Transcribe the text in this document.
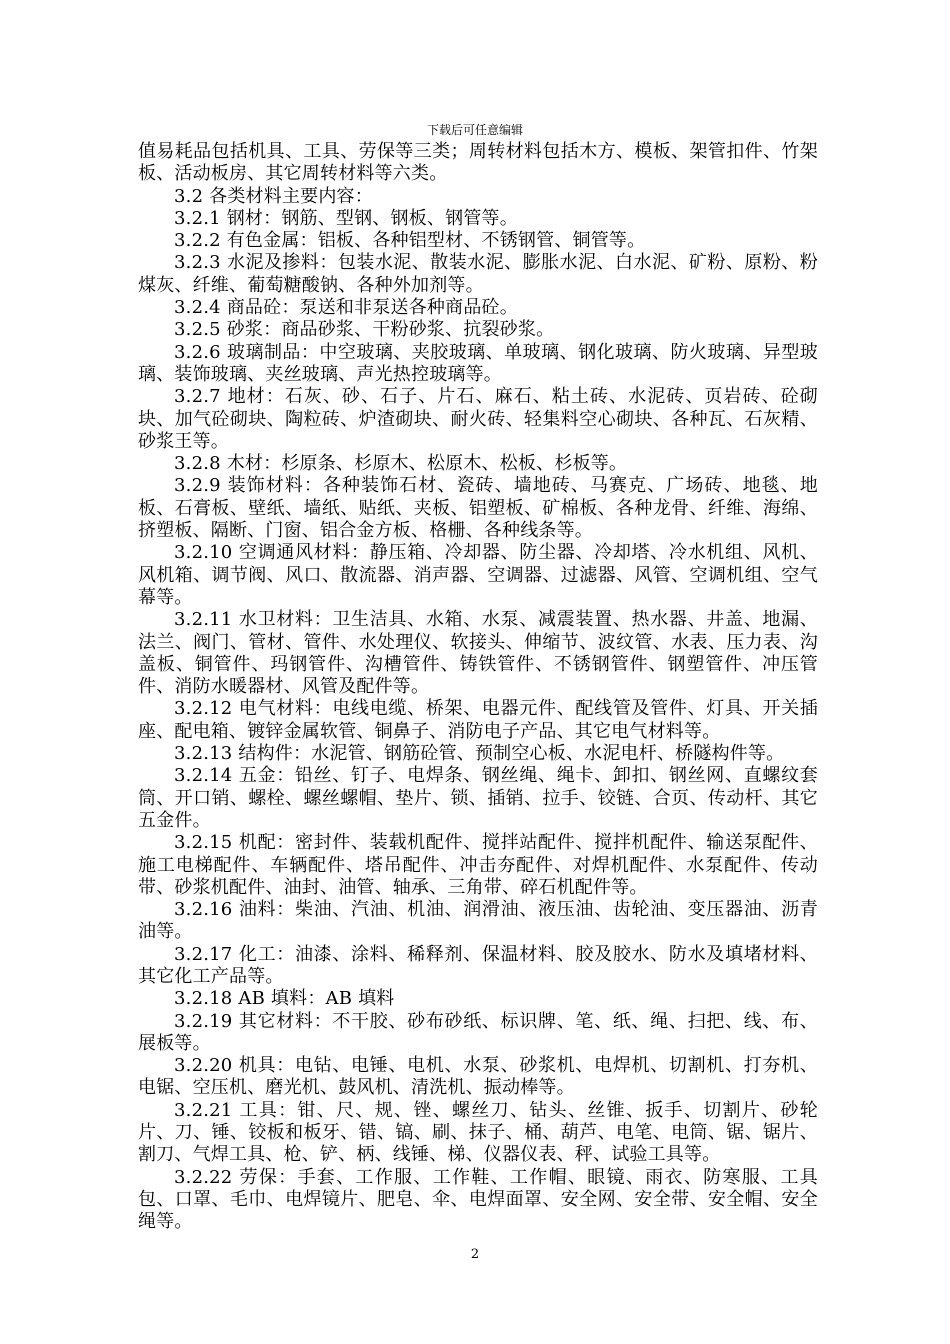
下载后可任意编辑

值易耗品包括机具、工具、劳保等三类；周转材料包括木方、模板、架管扣件、竹架板、活动板房、其它周转材料等六类。

3.2 各类材料主要内容：

3.2.1 钢材：钢筋、型钢、钢板、钢管等。

3.2.2 有色金属：铝板、各种铝型材、不锈钢管、铜管等。

3.2.3 水泥及掺料：包装水泥、散装水泥、膨胀水泥、白水泥、矿粉、原粉、粉煤灰、纤维、葡萄糖酸钠、各种外加剂等。

3.2.4 商品砼：泵送和非泵送各种商品砼。

3.2.5 砂浆：商品砂浆、干粉砂浆、抗裂砂浆。

3.2.6 玻璃制品：中空玻璃、夹胶玻璃、单玻璃、钢化玻璃、防火玻璃、异型玻璃、装饰玻璃、夹丝玻璃、声光热控玻璃等。

3.2.7 地材：石灰、砂、石子、片石、麻石、粘土砖、水泥砖、页岩砖、砼砌块、加气砼砌块、陶粒砖、炉渣砌块、耐火砖、轻集料空心砌块、各种瓦、石灰精、砂浆王等。

3.2.8 木材：杉原条、杉原木、松原木、松板、杉板等。

3.2.9 装饰材料：各种装饰石材、瓷砖、墙地砖、马赛克、广场砖、地毯、地板、石膏板、壁纸、墙纸、贴纸、夹板、铝塑板、矿棉板、各种龙骨、纤维、海绵、挤塑板、隔断、门窗、铝合金方板、格栅、各种线条等。

3.2.10 空调通风材料：静压箱、冷却器、防尘器、冷却塔、冷水机组、风机、风机箱、调节阀、风口、散流器、消声器、空调器、过滤器、风管、空调机组、空气幕等。

3.2.11 水卫材料：卫生洁具、水箱、水泵、减震装置、热水器、井盖、地漏、法兰、阀门、管材、管件、水处理仪、软接头、伸缩节、波纹管、水表、压力表、沟盖板、铜管件、玛钢管件、沟槽管件、铸铁管件、不锈钢管件、钢塑管件、冲压管件、消防水暖器材、风管及配件等。

3.2.12 电气材料：电线电缆、桥架、电器元件、配线管及管件、灯具、开关插座、配电箱、镀锌金属软管、铜鼻子、消防电子产品、其它电气材料等。

3.2.13 结构件：水泥管、钢筋砼管、预制空心板、水泥电杆、桥隧构件等。

3.2.14 五金：铅丝、钉子、电焊条、钢丝绳、绳卡、卸扣、钢丝网、直螺纹套筒、开口销、螺栓、螺丝螺帽、垫片、锁、插销、拉手、铰链、合页、传动杆、其它五金件。

3.2.15 机配：密封件、装载机配件、搅拌站配件、搅拌机配件、输送泵配件、施工电梯配件、车辆配件、塔吊配件、冲击夯配件、对焊机配件、水泵配件、传动带、砂浆机配件、油封、油管、轴承、三角带、碎石机配件等。

3.2.16 油料：柴油、汽油、机油、润滑油、液压油、齿轮油、变压器油、沥青油等。

3.2.17 化工：油漆、涂料、稀释剂、保温材料、胶及胶水、防水及填堵材料、其它化工产品等。

3.2.18 AB 填料：AB 填料

3.2.19 其它材料：不干胶、砂布砂纸、标识牌、笔、纸、绳、扫把、线、布、展板等。

3.2.20 机具：电钻、电锤、电机、水泵、砂浆机、电焊机、切割机、打夯机、电锯、空压机、磨光机、鼓风机、清洗机、振动棒等。

3.2.21 工具：钳、尺、规、锉、螺丝刀、钻头、丝锥、扳手、切割片、砂轮片、刀、锤、铰板和板牙、错、镐、刷、抹子、桶、葫芦、电笔、电筒、锯、锯片、割刀、气焊工具、枪、铲、柄、线锤、梯、仪器仪表、秤、试验工具等。

3.2.22 劳保：手套、工作服、工作鞋、工作帽、眼镜、雨衣、防寒服、工具包、口罩、毛巾、电焊镜片、肥皂、伞、电焊面罩、安全网、安全带、安全帽、安全绳等。

2
